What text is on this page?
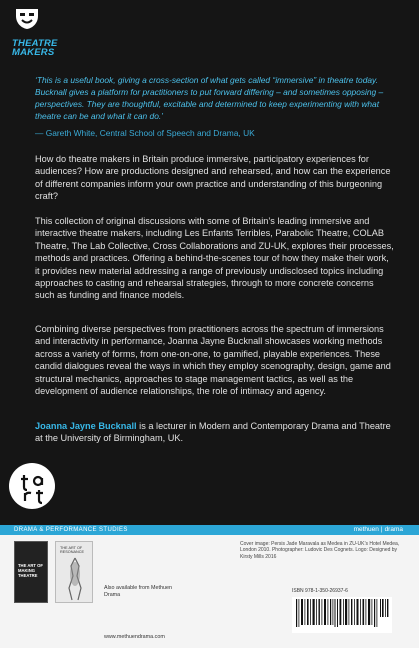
THEATRE
MAKERS
‘This is a useful book, giving a cross-section of what gets called “immersive” in theatre today. Bucknall gives a platform for practitioners to put forward differing – and sometimes opposing – perspectives. They are thoughtful, excitable and determined to keep experimenting with what theatre can be and what it can do.’
— Gareth White, Central School of Speech and Drama, UK
How do theatre makers in Britain produce immersive, participatory experiences for audiences? How are productions designed and rehearsed, and how can the experience of different companies inform your own practice and understanding of this burgeoning craft?
This collection of original discussions with some of Britain’s leading immersive and interactive theatre makers, including Les Enfants Terribles, Parabolic Theatre, COLAB Theatre, The Lab Collective, Cross Collaborations and ZU-UK, explores their processes, methods and practices. Offering a behind-the-scenes tour of how they make their work, it provides new material addressing a range of previously undisclosed topics including approaches to casting and rehearsal strategies, through to more concrete concerns such as funding and finance models.
Combining diverse perspectives from practitioners across the spectrum of immersions and interactivity in performance, Joanna Jayne Bucknall showcases working methods across a variety of forms, from one-on-one, to gamified, playable experiences. These candid dialogues reveal the ways in which they employ scenography, design, game and structural mechanics, approaches to stage management tactics, as well as the development of audience relationships, the role of intimacy and agency.
Joanna Jayne Bucknall is a lecturer in Modern and Contemporary Drama and Theatre at the University of Birmingham, UK.
DRAMA & PERFORMANCE STUDIES	methuen | drama
THE ART OF MAKING THEATRE
THE ART OF RESONANCE
Also available from Methuen Drama
Cover image: Persis Jade Maravala as Medea in ZU-UK’s Hotel Medea, London 2010. Photographer: Ludovic Des Cognets. Logo: Designed by Kirsty Mills 2016
ISBN 978-1-350-26937-6
www.methuendrama.com
